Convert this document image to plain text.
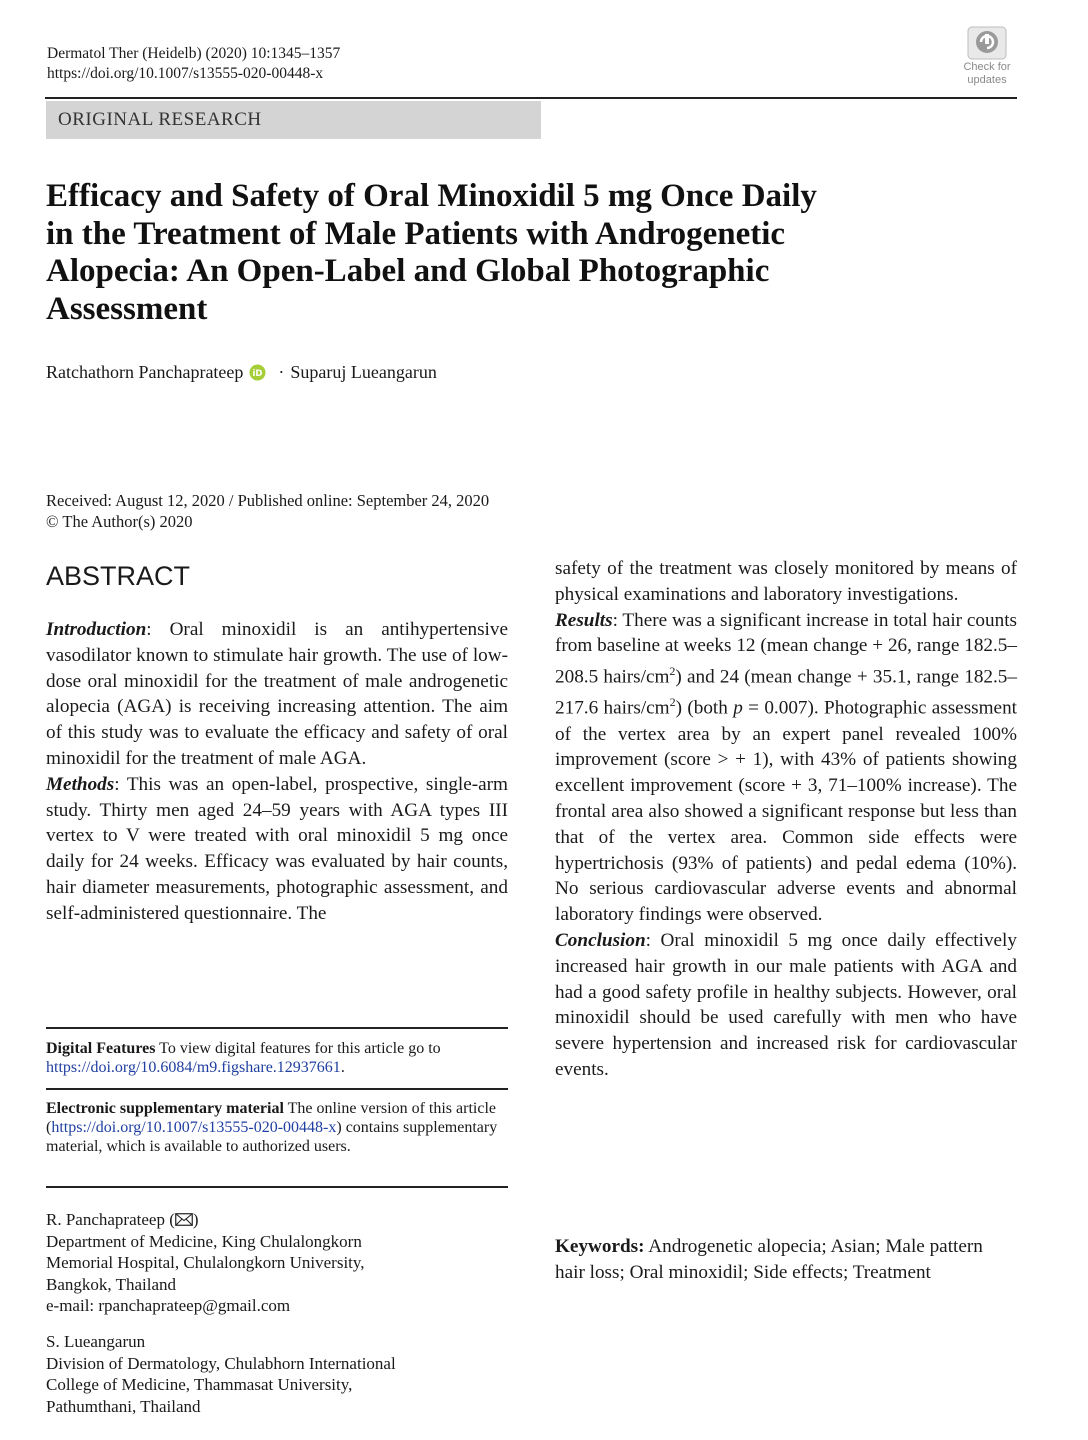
Dermatol Ther (Heidelb) (2020) 10:1345–1357
https://doi.org/10.1007/s13555-020-00448-x	Check for
updates
ORIGINAL RESEARCH
Efficacy and Safety of Oral Minoxidil 5 mg Once Daily
in the Treatment of Male Patients with Androgenetic
Alopecia: An Open-Label and Global Photographic
Assessment
Ratchathorn Panchaprateep iD · Suparuj Lueangarun
Received: August 12, 2020 / Published online: September 24, 2020
© The Author(s) 2020
ABSTRACT

Introduction: Oral minoxidil is an antihypertensive vasodilator known to stimulate hair growth. The use of low-dose oral minoxidil for the treatment of male androgenetic alopecia (AGA) is receiving increasing attention. The aim of this study was to evaluate the efficacy and safety of oral minoxidil for the treatment of male AGA.

Methods: This was an open-label, prospective, single-arm study. Thirty men aged 24–59 years with AGA types III vertex to V were treated with oral minoxidil 5 mg once daily for 24 weeks. Efficacy was evaluated by hair counts, hair diameter measurements, photographic assessment, and self-administered questionnaire. The

Digital Features To view digital features for this article go to https://doi.org/10.6084/m9.figshare.12937661.
Electronic supplementary material The online version of this article (https://doi.org/10.1007/s13555-020-00448-x) contains supplementary material, which is available to authorized users.
R. Panchaprateep ( )
Department of Medicine, King Chulalongkorn
Memorial Hospital, Chulalongkorn University,
Bangkok, Thailand
e-mail: rpanchaprateep@gmail.com
S. Lueangarun
Division of Dermatology, Chulabhorn International
College of Medicine, Thammasat University,
Pathumthani, Thailand

safety of the treatment was closely monitored by means of physical examinations and laboratory investigations.

Results: There was a significant increase in total hair counts from baseline at weeks 12 (mean change + 26, range 182.5–208.5 hairs/$cm^2$) and 24 (mean change + 35.1, range 182.5–217.6 hairs/$cm^2$) (both p = 0.007). Photographic assessment of the vertex area by an expert panel revealed 100% improvement (score > + 1), with 43% of patients showing excellent improvement (score + 3, 71–100% increase). The frontal area also showed a significant response but less than that of the vertex area. Common side effects were hypertrichosis (93% of patients) and pedal edema (10%). No serious cardiovascular adverse events and abnormal laboratory findings were observed.

Conclusion: Oral minoxidil 5 mg once daily effectively increased hair growth in our male patients with AGA and had a good safety profile in healthy subjects. However, oral minoxidil should be used carefully with men who have severe hypertension and increased risk for cardiovascular events.

Keywords: Androgenetic alopecia; Asian; Male pattern hair loss; Oral minoxidil; Side effects; Treatment
